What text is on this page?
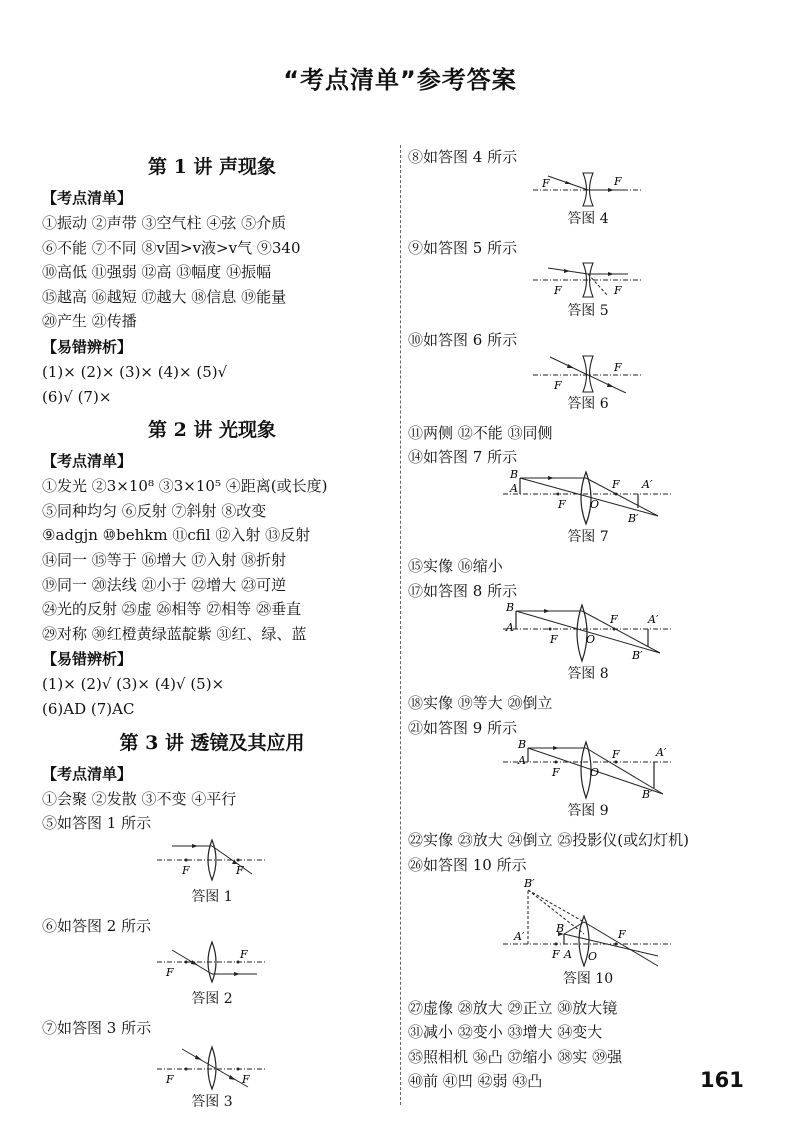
“考点清单”参考答案
第 1 讲 声现象
【考点清单】
①振动 ②声带 ③空气柱 ④弦 ⑤介质
⑥不能 ⑦不同 ⑧v固>v液>v气 ⑨340
⑩高低 ⑪强弱 ⑫高 ⑬幅度 ⑭振幅
⑮越高 ⑯越短 ⑰越大 ⑱信息 ⑲能量
⑳产生 ㉑传播
【易错辨析】
(1)× (2)× (3)× (4)× (5)√
(6)√ (7)×
第 2 讲 光现象
【考点清单】
①发光 ②3×10⁸ ③3×10⁵ ④距离(或长度)
⑤同种均匀 ⑥反射 ⑦斜射 ⑧改变
⑨adgjn ⑩behkm ⑪cfil ⑫入射 ⑬反射
⑭同一 ⑮等于 ⑯增大 ⑰入射 ⑱折射
⑲同一 ⑳法线 ㉑小于 ㉒增大 ㉓可逆
㉔光的反射 ㉕虚 ㉖相等 ㉗相等 ㉘垂直
㉙对称 ㉚红橙黄绿蓝靛紫 ㉛红、绿、蓝
【易错辨析】
(1)× (2)√ (3)× (4)√ (5)×
(6)AD (7)AC
第 3 讲 透镜及其应用
【考点清单】
①会聚 ②发散 ③不变 ④平行
⑤如答图 1 所示
F	F
答图 1
⑥如答图 2 所示
F
F
答图 2
⑦如答图 3 所示
F	F
答图 3
⑧如答图 4 所示
F	F
答图 4
⑨如答图 5 所示
F	F
答图 5
⑩如答图 6 所示
F
F
答图 6
⑪两侧 ⑫不能 ⑬同侧
⑭如答图 7 所示
B
A
F O
F A′
B′
答图 7
⑮实像 ⑯缩小
⑰如答图 8 所示
B
A
F	O
F	A′
B′
答图 8
⑱实像 ⑲等大 ⑳倒立
㉑如答图 9 所示
B
A
F	O
F	A′
B′
答图 9
㉒实像 ㉓放大 ㉔倒立 ㉕投影仪(或幻灯机)
㉖如答图 10 所示
B′
A′
B
F A O
F
答图 10
㉗虚像 ㉘放大 ㉙正立 ㉚放大镜
㉛减小 ㉜变小 ㉝增大 ㉞变大
㉟照相机 ㊱凸 ㊲缩小 ㊳实 ㊴强
㊵前 ㊶凹 ㊷弱 ㊸凸	161
